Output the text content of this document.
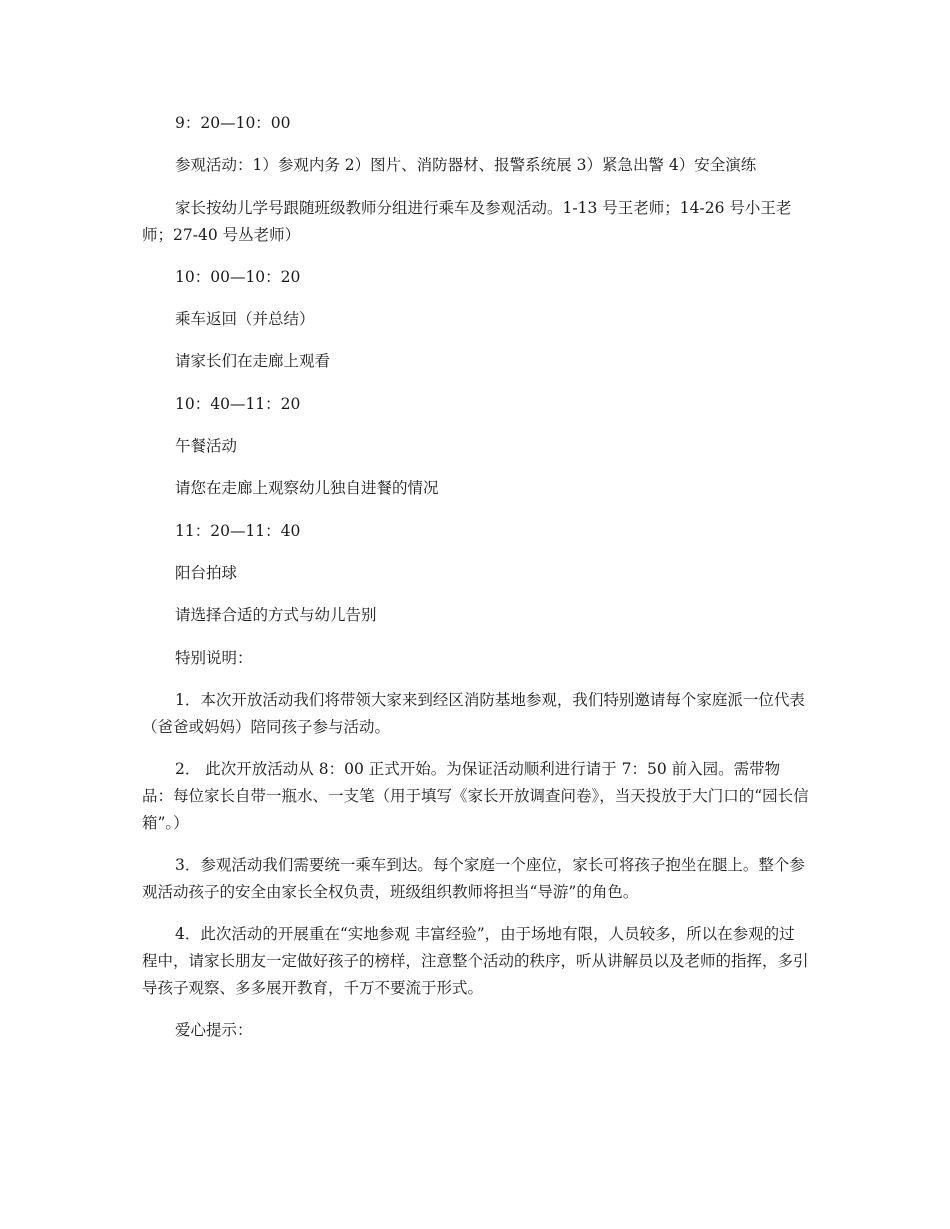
9：20—10：00

参观活动：1）参观内务 2）图片、消防器材、报警系统展 3）紧急出警 4）安全演练

家长按幼儿学号跟随班级教师分组进行乘车及参观活动。1-13 号王老师；14-26 号小王老师；27-40 号丛老师）

10：00—10：20

乘车返回（并总结）

请家长们在走廊上观看

10：40—11：20

午餐活动

请您在走廊上观察幼儿独自进餐的情况

11：20—11：40

阳台拍球

请选择合适的方式与幼儿告别

特别说明：

1．本次开放活动我们将带领大家来到经区消防基地参观，我们特别邀请每个家庭派一位代表（爸爸或妈妈）陪同孩子参与活动。

2． 此次开放活动从 8：00 正式开始。为保证活动顺利进行请于 7：50 前入园。需带物品：每位家长自带一瓶水、一支笔（用于填写《家长开放调查问卷》，当天投放于大门口的“园长信箱”。）

3．参观活动我们需要统一乘车到达。每个家庭一个座位，家长可将孩子抱坐在腿上。整个参观活动孩子的安全由家长全权负责，班级组织教师将担当“导游”的角色。

4．此次活动的开展重在“实地参观 丰富经验”，由于场地有限，人员较多，所以在参观的过程中，请家长朋友一定做好孩子的榜样，注意整个活动的秩序，听从讲解员以及老师的指挥，多引导孩子观察、多多展开教育，千万不要流于形式。

爱心提示：
